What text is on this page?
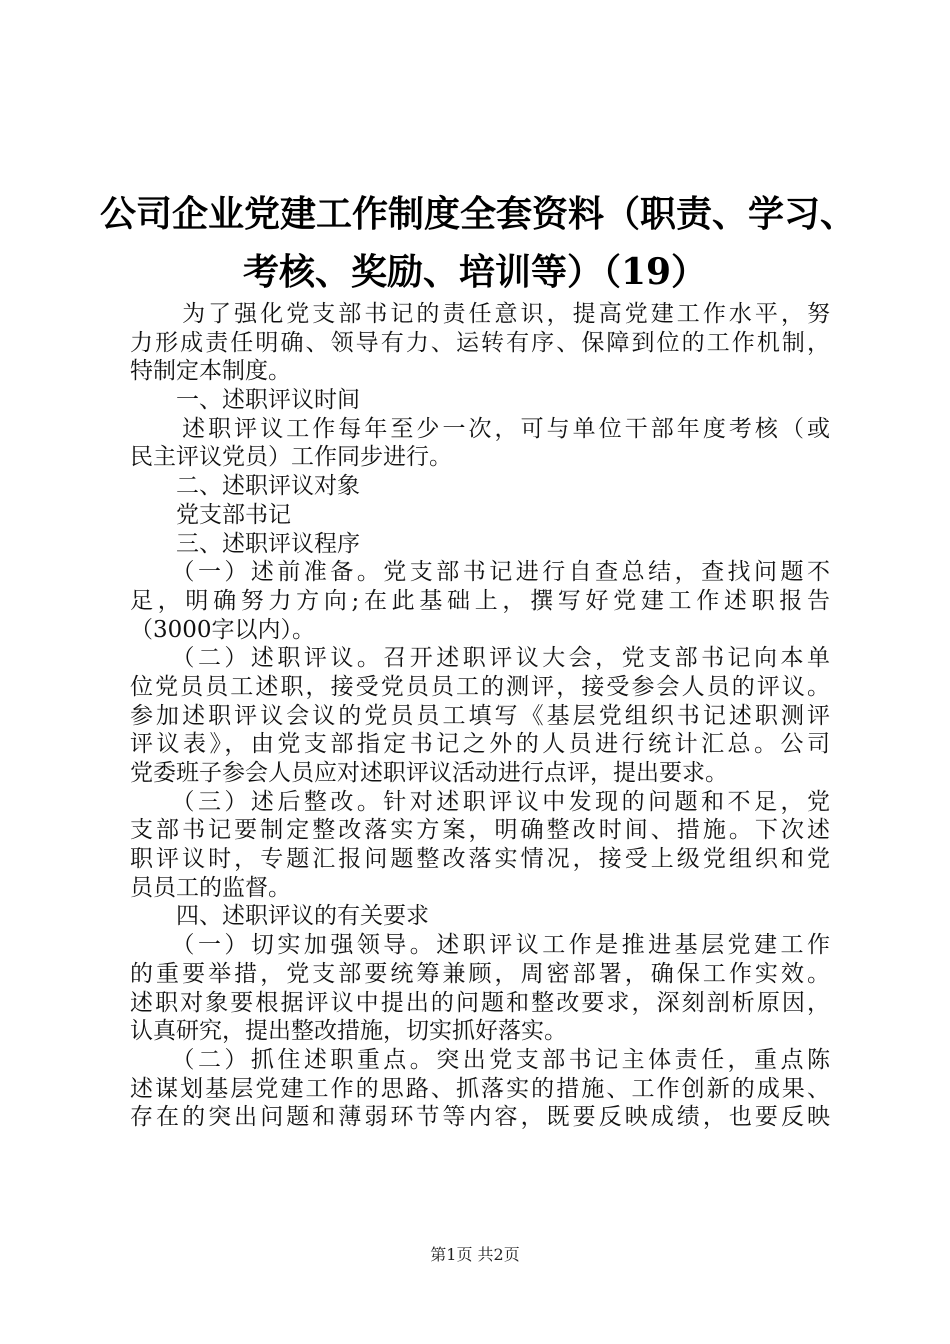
公司企业党建工作制度全套资料（职责、学习、
考核、奖励、培训等）（19）
　　为了强化党支部书记的责任意识，提高党建工作水平，努
力形成责任明确、领导有力、运转有序、保障到位的工作机制，
特制定本制度。
　　一、述职评议时间
　　述职评议工作每年至少一次，可与单位干部年度考核（或
民主评议党员）工作同步进行。
　　二、述职评议对象
　　党支部书记
　　三、述职评议程序
　　（一）述前准备。党支部书记进行自查总结，查找问题不
足，明确努力方向;在此基础上，撰写好党建工作述职报告
（3000字以内）。
　　（二）述职评议。召开述职评议大会，党支部书记向本单
位党员员工述职，接受党员员工的测评，接受参会人员的评议。
参加述职评议会议的党员员工填写《基层党组织书记述职测评
评议表》，由党支部指定书记之外的人员进行统计汇总。公司
党委班子参会人员应对述职评议活动进行点评，提出要求。
　　（三）述后整改。针对述职评议中发现的问题和不足，党
支部书记要制定整改落实方案，明确整改时间、措施。下次述
职评议时，专题汇报问题整改落实情况，接受上级党组织和党
员员工的监督。
　　四、述职评议的有关要求
　　（一）切实加强领导。述职评议工作是推进基层党建工作
的重要举措，党支部要统筹兼顾，周密部署，确保工作实效。
述职对象要根据评议中提出的问题和整改要求，深刻剖析原因，
认真研究，提出整改措施，切实抓好落实。
　　（二）抓住述职重点。突出党支部书记主体责任，重点陈
述谋划基层党建工作的思路、抓落实的措施、工作创新的成果、
存在的突出问题和薄弱环节等内容，既要反映成绩，也要反映
第1页 共2页
